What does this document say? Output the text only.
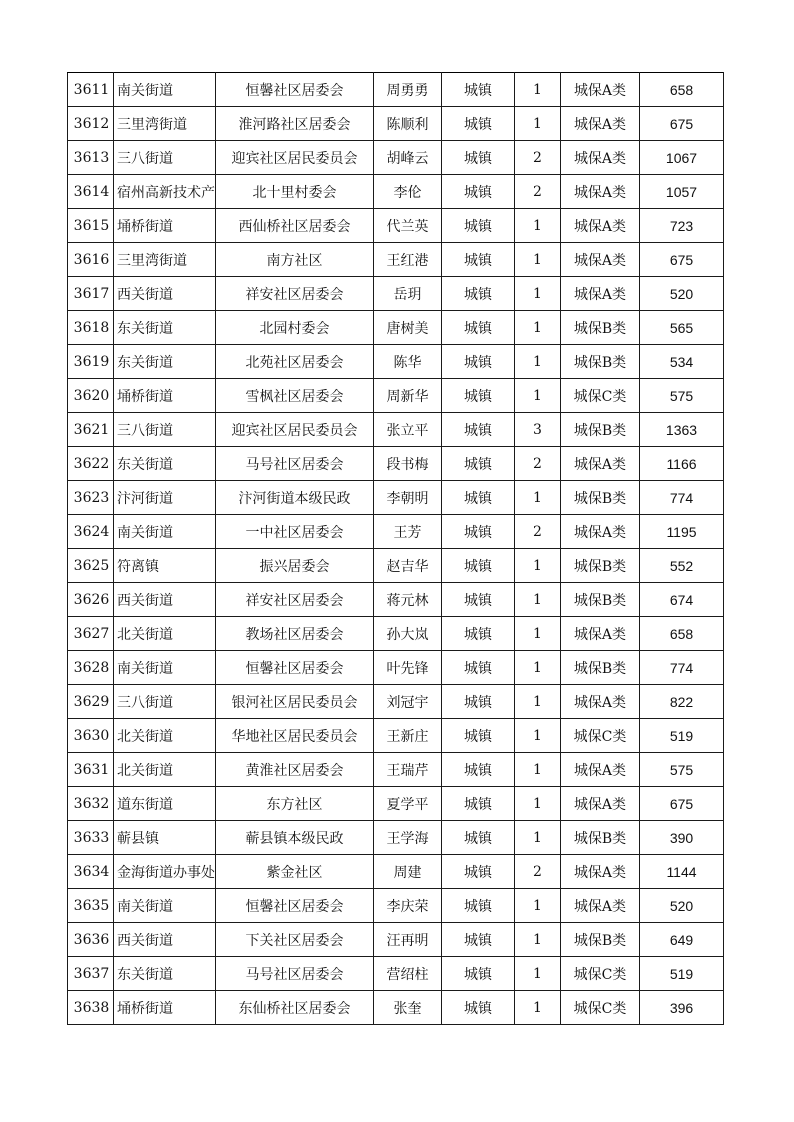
3611	南关街道	恒馨社区居委会	周勇勇	城镇	1	城保A类	658
3612	三里湾街道	淮河路社区居委会	陈顺利	城镇	1	城保A类	675
3613	三八街道	迎宾社区居民委员会	胡峰云	城镇	2	城保A类	1067
3614	宿州高新技术产	北十里村委会	李伦	城镇	2	城保A类	1057
3615	埇桥街道	西仙桥社区居委会	代兰英	城镇	1	城保A类	723
3616	三里湾街道	南方社区	王红港	城镇	1	城保A类	675
3617	西关街道	祥安社区居委会	岳玥	城镇	1	城保A类	520
3618	东关街道	北园村委会	唐树美	城镇	1	城保B类	565
3619	东关街道	北苑社区居委会	陈华	城镇	1	城保B类	534
3620	埇桥街道	雪枫社区居委会	周新华	城镇	1	城保C类	575
3621	三八街道	迎宾社区居民委员会	张立平	城镇	3	城保B类	1363
3622	东关街道	马号社区居委会	段书梅	城镇	2	城保A类	1166
3623	汴河街道	汴河街道本级民政	李朝明	城镇	1	城保B类	774
3624	南关街道	一中社区居委会	王芳	城镇	2	城保A类	1195
3625	符离镇	振兴居委会	赵吉华	城镇	1	城保B类	552
3626	西关街道	祥安社区居委会	蒋元林	城镇	1	城保B类	674
3627	北关街道	教场社区居委会	孙大岚	城镇	1	城保A类	658
3628	南关街道	恒馨社区居委会	叶先锋	城镇	1	城保B类	774
3629	三八街道	银河社区居民委员会	刘冠宇	城镇	1	城保A类	822
3630	北关街道	华地社区居民委员会	王新庄	城镇	1	城保C类	519
3631	北关街道	黄淮社区居委会	王瑞芹	城镇	1	城保A类	575
3632	道东街道	东方社区	夏学平	城镇	1	城保A类	675
3633	蕲县镇	蕲县镇本级民政	王学海	城镇	1	城保B类	390
3634	金海街道办事处	紫金社区	周建	城镇	2	城保A类	1144
3635	南关街道	恒馨社区居委会	李庆荣	城镇	1	城保A类	520
3636	西关街道	下关社区居委会	汪再明	城镇	1	城保B类	649
3637	东关街道	马号社区居委会	营绍柱	城镇	1	城保C类	519
3638	埇桥街道	东仙桥社区居委会	张奎	城镇	1	城保C类	396
